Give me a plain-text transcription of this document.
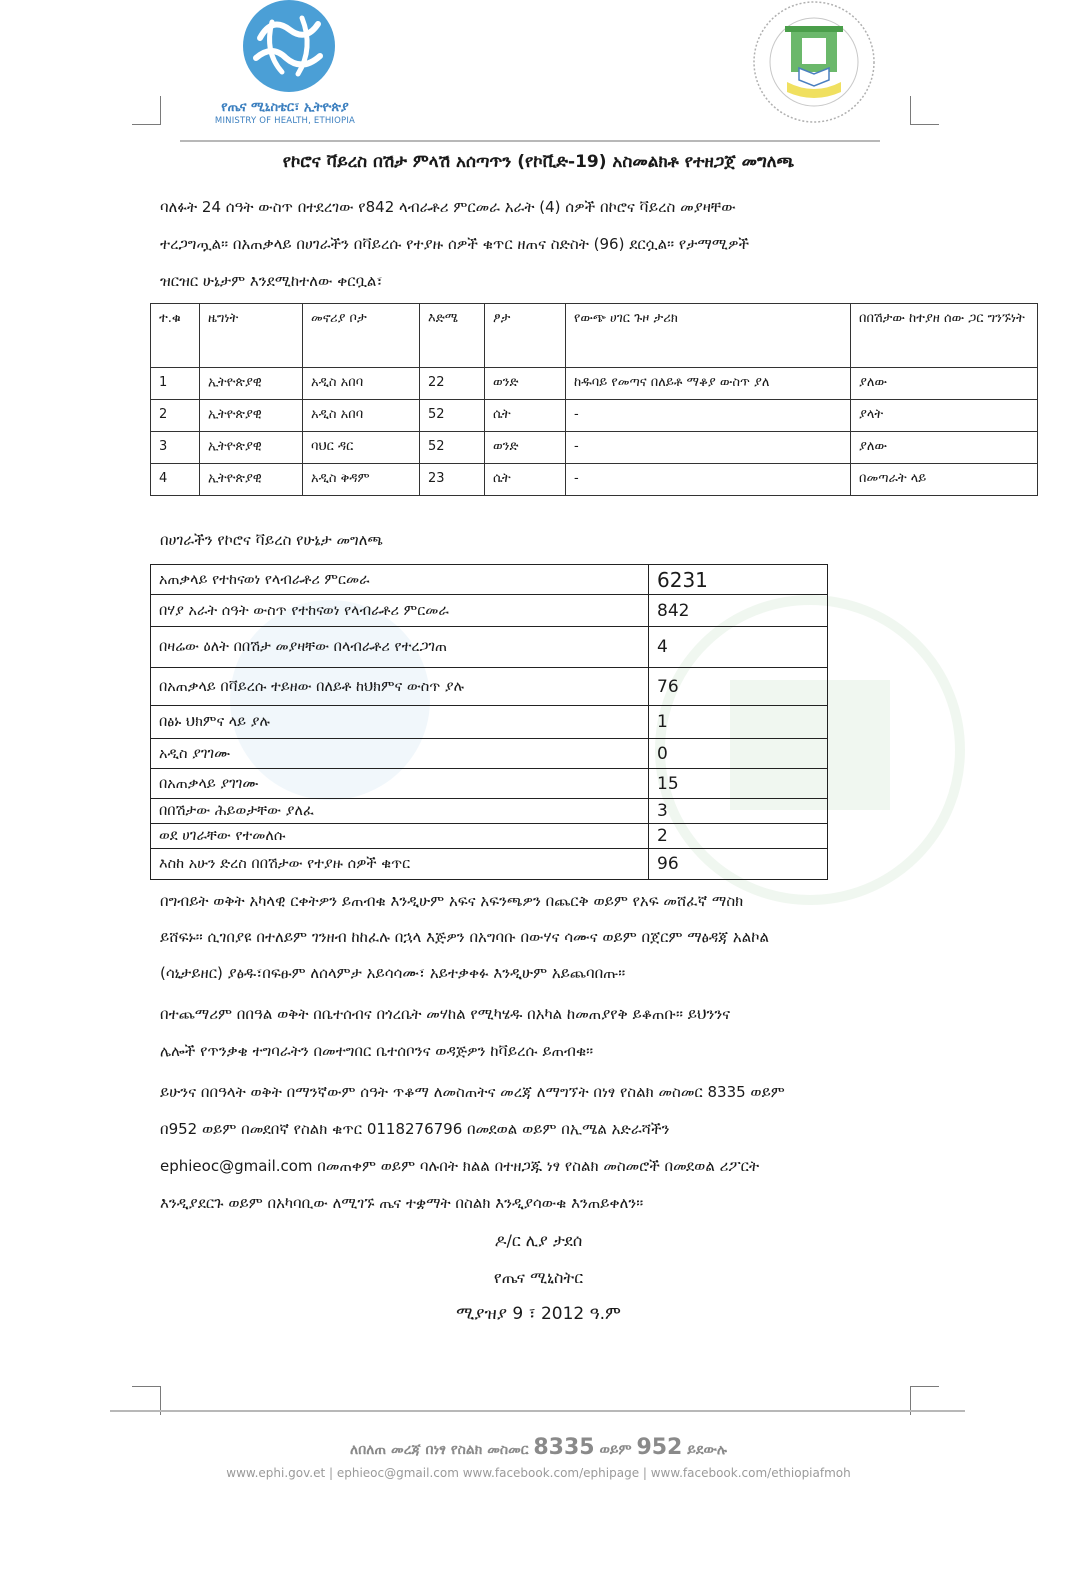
የጤና ሚኒስቴር፣ ኢትዮጵያ
MINISTRY OF HEALTH, ETHIOPIA
የኮሮና ቫይረስ በሽታ ምላሽ አሰጣጥን (የኮቪድ-19) አስመልክቶ የተዘጋጀ መግለጫ
ባለፉት 24 ሰዓት ውስጥ በተደረገው የ842 ላብራቶሪ ምርመራ አራት (4) ሰዎች በኮሮና ቫይረስ መያዛቸው
ተረጋግጧል። በአጠቃላይ በሀገራችን በቫይረሱ የተያዙ ሰዎች ቁጥር ዘጠና ስድስት (96) ደርሷል። የታማሚዎች
ዝርዝር ሁኔታም እንደሚከተለው ቀርቧል፣
ተ.ቁ	ዜግነት	መኖሪያ ቦታ	እድሜ	ፆታ	የውጭ ሀገር ጉዞ ታሪክ	በበሽታው ከተያዘ ሰው ጋር ግንኙነት
1	ኢትዮጵያዊ	አዲስ አበባ	22	ወንድ	ከዱባይ የመጣና በለይቶ ማቆያ ውስጥ ያለ	ያለው
2	ኢትዮጵያዊ	አዲስ አበባ	52	ሴት	-	ያላት
3	ኢትዮጵያዊ	ባህር ዳር	52	ወንድ	-	ያለው
4	ኢትዮጵያዊ	አዲስ ቅዳም	23	ሴት	-	በመጣራት ላይ
በሀገራችን የኮሮና ቫይረስ የሁኔታ መግለጫ
አጠቃላይ የተከናወነ የላብራቶሪ ምርመራ	6231
በሃያ አራት ሰዓት ውስጥ የተከናወነ የላብራቶሪ ምርመራ	842
በዛሬው ዕለት በበሽታ መያዛቸው በላብራቶሪ የተረጋገጠ	4
በአጠቃላይ በቫይረሱ ተይዘው በለይቶ ከህክምና ውስጥ ያሉ	76
በፅኑ ህክምና ላይ ያሉ	1
አዲስ ያገገሙ	0
በአጠቃላይ ያገገሙ	15
በበሽታው ሕይወታቸው ያለፈ	3
ወደ ሀገራቸው የተመለሱ	2
እስከ አሁን ድረስ በበሽታው የተያዙ ሰዎች ቁጥር	96
በግብይት ወቅት አካላዊ ርቀትዎን ይጠብቁ እንዲሁም አፍና አፍንጫዎን በጨርቅ ወይም የአፍ መሸፈኛ ማስክ
ይሸፍኑ። ሲገበያዩ በተለይም ገንዘብ ከከፈሉ በኋላ እጅዎን በአግባቡ በውሃና ሳሙና ወይም በጀርም ማፅዳጃ አልኮል
(ሳኒታይዘር) ያፅዱ፣በፍፁም ለሰላምታ አይሳሳሙ፣ አይተቃቀፉ እንዲሁም አይጨባበጡ።
በተጨማሪም በበዓል ወቅት በቤተሰብና በጎረቤት መሃከል የሚካሄዱ በአካል ከመጠያየቅ ይቆጠቡ። ይህንንና
ሌሎች የጥንቃቄ ተግባራትን በመተግበር ቤተሰቦንና ወዳጅዎን ከቫይረሱ ይጠብቁ።
ይሁንና በበዓላት ወቅት በማንኛውም ሰዓት ጥቆማ ለመስጠትና መረጃ ለማግኘት በነፃ የስልክ መስመር 8335 ወይም
በ952 ወይም በመደበኛ የስልክ ቁጥር 0118276796 በመደወል ወይም በኢሜል አድራሻችን
ephieoc@gmail.com በመጠቀም ወይም ባሉበት ክልል በተዘጋጁ ነፃ የስልክ መስመሮች በመደወል ሪፖርት
እንዲያደርጉ ወይም በአካባቢው ለሚገኙ ጤና ተቋማት በስልክ እንዲያሳውቁ እንጠይቀለን።
ዶ/ር ሊያ ታደሰ
የጤና ሚኒስትር
ሚያዝያ 9 ፣ 2012 ዓ.ም
ለበለጠ መረጃ በነፃ የስልክ መስመር 8335 ወይም 952 ይደውሉ
www.ephi.gov.et | ephieoc@gmail.com www.facebook.com/ephipage | www.facebook.com/ethiopiafmoh
